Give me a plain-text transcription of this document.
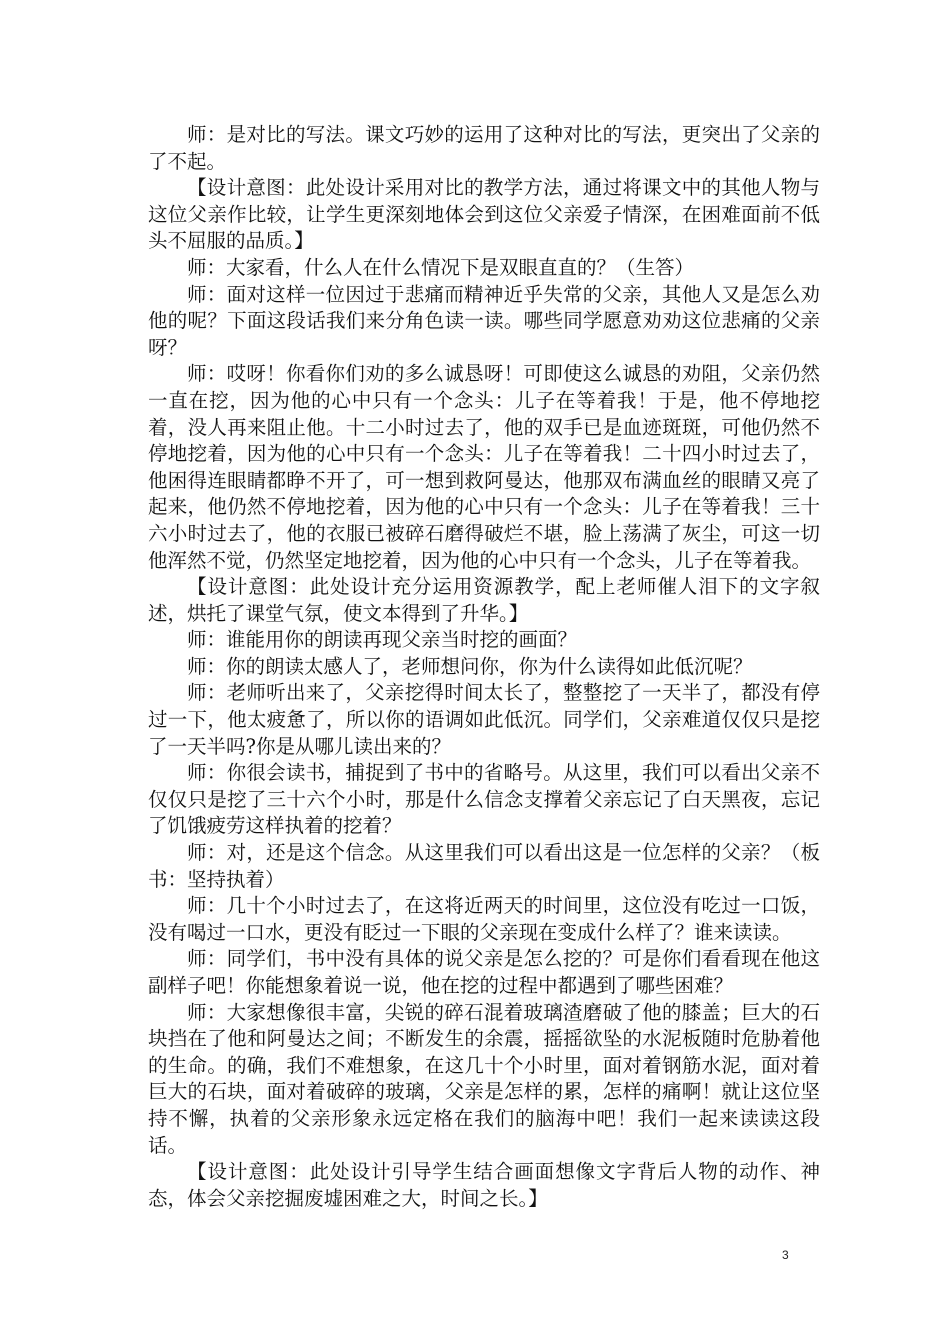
师：是对比的写法。课文巧妙的运用了这种对比的写法，更突出了父亲的了不起。

【设计意图：此处设计采用对比的教学方法，通过将课文中的其他人物与这位父亲作比较，让学生更深刻地体会到这位父亲爱子情深，在困难面前不低头不屈服的品质。】

师：大家看，什么人在什么情况下是双眼直直的？（生答）

师：面对这样一位因过于悲痛而精神近乎失常的父亲，其他人又是怎么劝他的呢？下面这段话我们来分角色读一读。哪些同学愿意劝劝这位悲痛的父亲呀？

师：哎呀！你看你们劝的多么诚恳呀！可即使这么诚恳的劝阻，父亲仍然一直在挖，因为他的心中只有一个念头：儿子在等着我！于是，他不停地挖着，没人再来阻止他。十二小时过去了，他的双手已是血迹斑斑，可他仍然不停地挖着，因为他的心中只有一个念头：儿子在等着我！二十四小时过去了，他困得连眼睛都睁不开了，可一想到救阿曼达，他那双布满血丝的眼睛又亮了起来，他仍然不停地挖着，因为他的心中只有一个念头：儿子在等着我！三十六小时过去了，他的衣服已被碎石磨得破烂不堪，脸上荡满了灰尘，可这一切他浑然不觉，仍然坚定地挖着，因为他的心中只有一个念头，儿子在等着我。

【设计意图：此处设计充分运用资源教学，配上老师催人泪下的文字叙述，烘托了课堂气氛，使文本得到了升华。】

师：谁能用你的朗读再现父亲当时挖的画面？

师：你的朗读太感人了，老师想问你，你为什么读得如此低沉呢？

师：老师听出来了，父亲挖得时间太长了，整整挖了一天半了，都没有停过一下，他太疲惫了，所以你的语调如此低沉。同学们，父亲难道仅仅只是挖了一天半吗?你是从哪儿读出来的？

师：你很会读书，捕捉到了书中的省略号。从这里，我们可以看出父亲不仅仅只是挖了三十六个小时，那是什么信念支撑着父亲忘记了白天黑夜，忘记了饥饿疲劳这样执着的挖着？

师：对，还是这个信念。从这里我们可以看出这是一位怎样的父亲？（板书：坚持执着）

师：几十个小时过去了，在这将近两天的时间里，这位没有吃过一口饭，没有喝过一口水，更没有眨过一下眼的父亲现在变成什么样了？谁来读读。

师：同学们，书中没有具体的说父亲是怎么挖的？可是你们看看现在他这副样子吧！你能想象着说一说，他在挖的过程中都遇到了哪些困难？

师：大家想像很丰富，尖锐的碎石混着玻璃渣磨破了他的膝盖；巨大的石块挡在了他和阿曼达之间；不断发生的余震，摇摇欲坠的水泥板随时危胁着他的生命。的确，我们不难想象，在这几十个小时里，面对着钢筋水泥，面对着巨大的石块，面对着破碎的玻璃，父亲是怎样的累，怎样的痛啊！就让这位坚持不懈，执着的父亲形象永远定格在我们的脑海中吧！我们一起来读读这段话。

【设计意图：此处设计引导学生结合画面想像文字背后人物的动作、神态，体会父亲挖掘废墟困难之大，时间之长。】

3
